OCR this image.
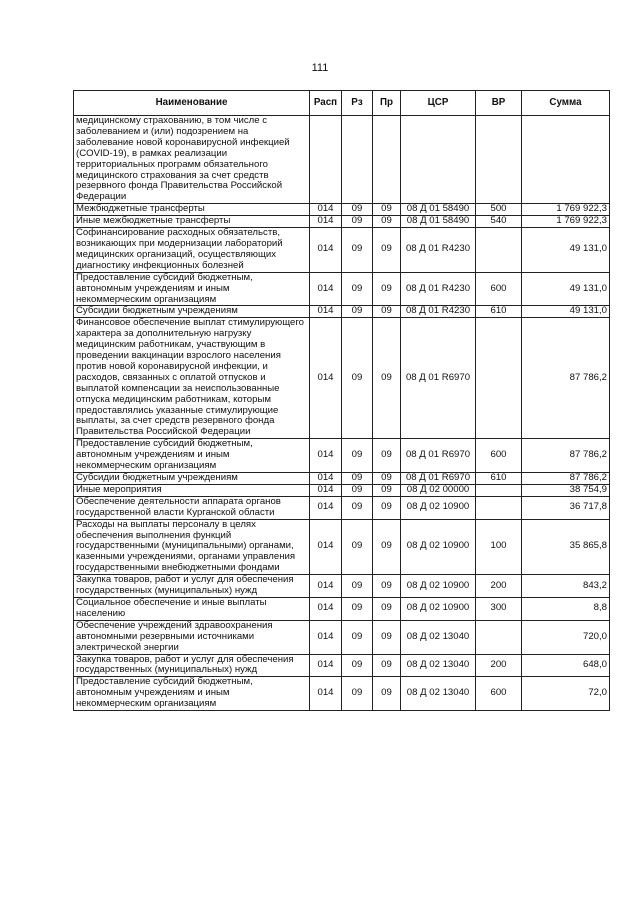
111
Наименование	Расп	Рз	Пр	ЦСР	ВР	Сумма
медицинскому страхованию, в том числе с заболеванием и (или) подозрением на заболевание новой коронавирусной инфекцией (COVID-19), в рамках реализации территориальных программ обязательного медицинского страхования за счет средств резервного фонда Правительства Российской Федерации						
Межбюджетные трансферты	014	09	09	08 Д 01 58490	500	1 769 922,3
Иные межбюджетные трансферты	014	09	09	08 Д 01 58490	540	1 769 922,3
Софинансирование расходных обязательств, возникающих при модернизации лабораторий медицинских организаций, осуществляющих диагностику инфекционных болезней	014	09	09	08 Д 01 R4230		49 131,0
Предоставление субсидий бюджетным, автономным учреждениям и иным некоммерческим организациям	014	09	09	08 Д 01 R4230	600	49 131,0
Субсидии бюджетным учреждениям	014	09	09	08 Д 01 R4230	610	49 131,0
Финансовое обеспечение выплат стимулирующего характера за дополнительную нагрузку медицинским работникам, участвующим в проведении вакцинации взрослого населения против новой коронавирусной инфекции, и расходов, связанных с оплатой отпусков и выплатой компенсации за неиспользованные отпуска медицинским работникам, которым предоставлялись указанные стимулирующие выплаты, за счет средств резервного фонда Правительства Российской Федерации	014	09	09	08 Д 01 R6970		87 786,2
Предоставление субсидий бюджетным, автономным учреждениям и иным некоммерческим организациям	014	09	09	08 Д 01 R6970	600	87 786,2
Субсидии бюджетным учреждениям	014	09	09	08 Д 01 R6970	610	87 786,2
Иные мероприятия	014	09	09	08 Д 02 00000		38 754,9
Обеспечение деятельности аппарата органов государственной власти Курганской области	014	09	09	08 Д 02 10900		36 717,8
Расходы на выплаты персоналу в целях обеспечения выполнения функций государственными (муниципальными) органами, казенными учреждениями, органами управления государственными внебюджетными фондами	014	09	09	08 Д 02 10900	100	35 865,8
Закупка товаров, работ и услуг для обеспечения государственных (муниципальных) нужд	014	09	09	08 Д 02 10900	200	843,2
Социальное обеспечение и иные выплаты населению	014	09	09	08 Д 02 10900	300	8,8
Обеспечение учреждений здравоохранения автономными резервными источниками электрической энергии	014	09	09	08 Д 02 13040		720,0
Закупка товаров, работ и услуг для обеспечения государственных (муниципальных) нужд	014	09	09	08 Д 02 13040	200	648,0
Предоставление субсидий бюджетным, автономным учреждениям и иным некоммерческим организациям	014	09	09	08 Д 02 13040	600	72,0
